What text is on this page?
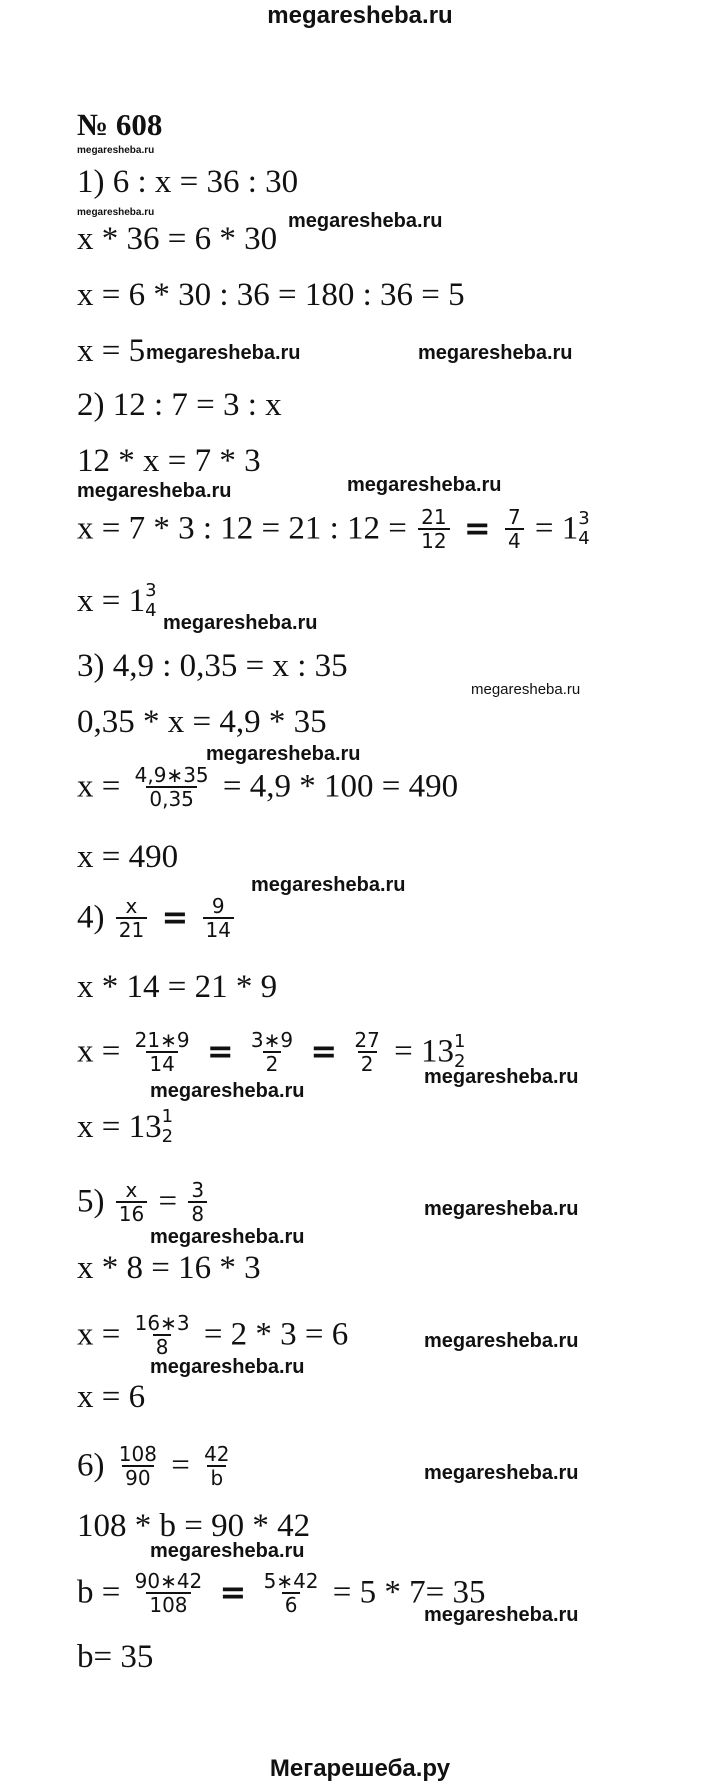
megaresheba.ru
№ 608
megaresheba.ru
megaresheba.ru	megaresheba.ru
megaresheba.ru	megaresheba.ru
megaresheba.ru
megaresheba.ru
megaresheba.ru
megaresheba.ru
megaresheba.ru
megaresheba.ru
megaresheba.ru
megaresheba.ru
megaresheba.ru
megaresheba.ru
megaresheba.ru
megaresheba.ru
megaresheba.ru
megaresheba.ru
megaresheba.ru
1) 6 : x = 36 : 30
x * 36 = 6 * 30
x = 6 * 30 : 36 = 180 : 36 = 5
x = 5
2) 12 : 7 = 3 : x
12 * x = 7 * 3
x = 7 * 3 : 12 = 21 : $12 = \frac{21}{12} = \frac{7}{4} = 1$ 3
4
x = 1 3
4
3) 4,9 : 0,35 = x : 35
0,35 * x = 4,9 * 35
$x = \frac{4,9∗35}{0,35} = 4,9 * 100 = 490$
x = 490
$4) \frac{x}{21} = \frac{9}{14}$
x * 14 = 21 * 9
$x = \frac{21∗9}{14} = \frac{3∗9}{2} = \frac{27}{2} = 13$ 1
2
x = 13 1
2
$5) \frac{x}{16} = \frac{3}{8}$
x * 8 = 16 * 3
$x = \frac{16∗3}{8} = 2 * 3 = 6$
x = 6
$6) \frac{108}{90} = \frac{42}{b}$
108 * b = 90 * 42
$b = \frac{90∗42}{108} = \frac{5∗42}{6} = 5 * 7= 35$
b= 35
Мегарешеба.ру
